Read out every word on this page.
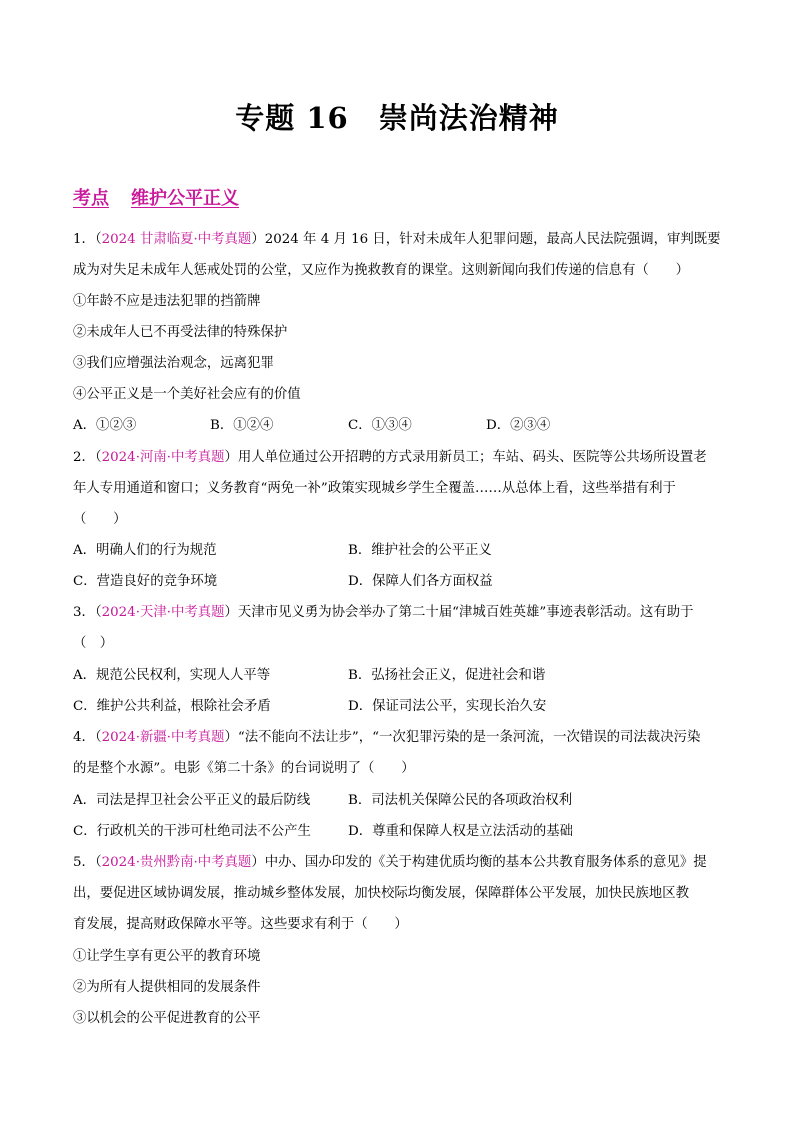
专题 16 崇尚法治精神
考点 维护公平正义
1．（2024 甘肃临夏·中考真题）2024 年 4 月 16 日，针对未成年人犯罪问题，最高人民法院强调，审判既要
成为对失足未成年人惩戒处罚的公堂，又应作为挽救教育的课堂。这则新闻向我们传递的信息有（　　）
①年龄不应是违法犯罪的挡箭牌
②未成年人已不再受法律的特殊保护
③我们应增强法治观念，远离犯罪
④公平正义是一个美好社会应有的价值
A．①②③	B．①②④	C．①③④	D．②③④
2．（2024·河南·中考真题）用人单位通过公开招聘的方式录用新员工；车站、码头、医院等公共场所设置老
年人专用通道和窗口；义务教育“两免一补”政策实现城乡学生全覆盖……从总体上看，这些举措有利于
（　　）
A．明确人们的行为规范	B．维护社会的公平正义
C．营造良好的竞争环境	D．保障人们各方面权益
3．（2024·天津·中考真题）天津市见义勇为协会举办了第二十届“津城百姓英雄”事迹表彰活动。这有助于
（　）
A．规范公民权利，实现人人平等	B．弘扬社会正义，促进社会和谐
C．维护公共利益，根除社会矛盾	D．保证司法公平，实现长治久安
4．（2024·新疆·中考真题）“法不能向不法让步”，“一次犯罪污染的是一条河流，一次错误的司法裁决污染
的是整个水源”。电影《第二十条》的台词说明了（　　）
A．司法是捍卫社会公平正义的最后防线	B．司法机关保障公民的各项政治权利
C．行政机关的干涉可杜绝司法不公产生	D．尊重和保障人权是立法活动的基础
5．（2024·贵州黔南·中考真题）中办、国办印发的《关于构建优质均衡的基本公共教育服务体系的意见》提
出，要促进区域协调发展，推动城乡整体发展，加快校际均衡发展，保障群体公平发展，加快民族地区教
育发展，提高财政保障水平等。这些要求有利于（　　）
①让学生享有更公平的教育环境
②为所有人提供相同的发展条件
③以机会的公平促进教育的公平
